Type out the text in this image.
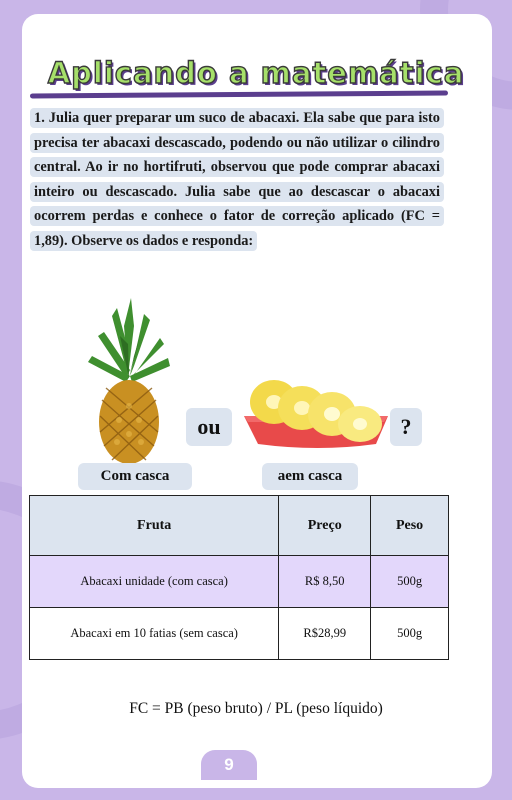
Aplicando a matemática
1. Julia quer preparar um suco de abacaxi. Ela sabe que para isto precisa ter abacaxi descascado, podendo ou não utilizar o cilindro central. Ao ir no hortifruti, observou que pode comprar abacaxi inteiro ou descascado. Julia sabe que ao descascar o abacaxi ocorrem perdas e conhece o fator de correção aplicado (FC = 1,89). Observe os dados e responda:
ou	?
Com casca	aem casca
Fruta	Preço	Peso
Abacaxi unidade (com casca)	R$ 8,50	500g
Abacaxi em 10 fatias (sem casca)	R$28,99	500g
FC = PB (peso bruto) / PL (peso líquido)
9
